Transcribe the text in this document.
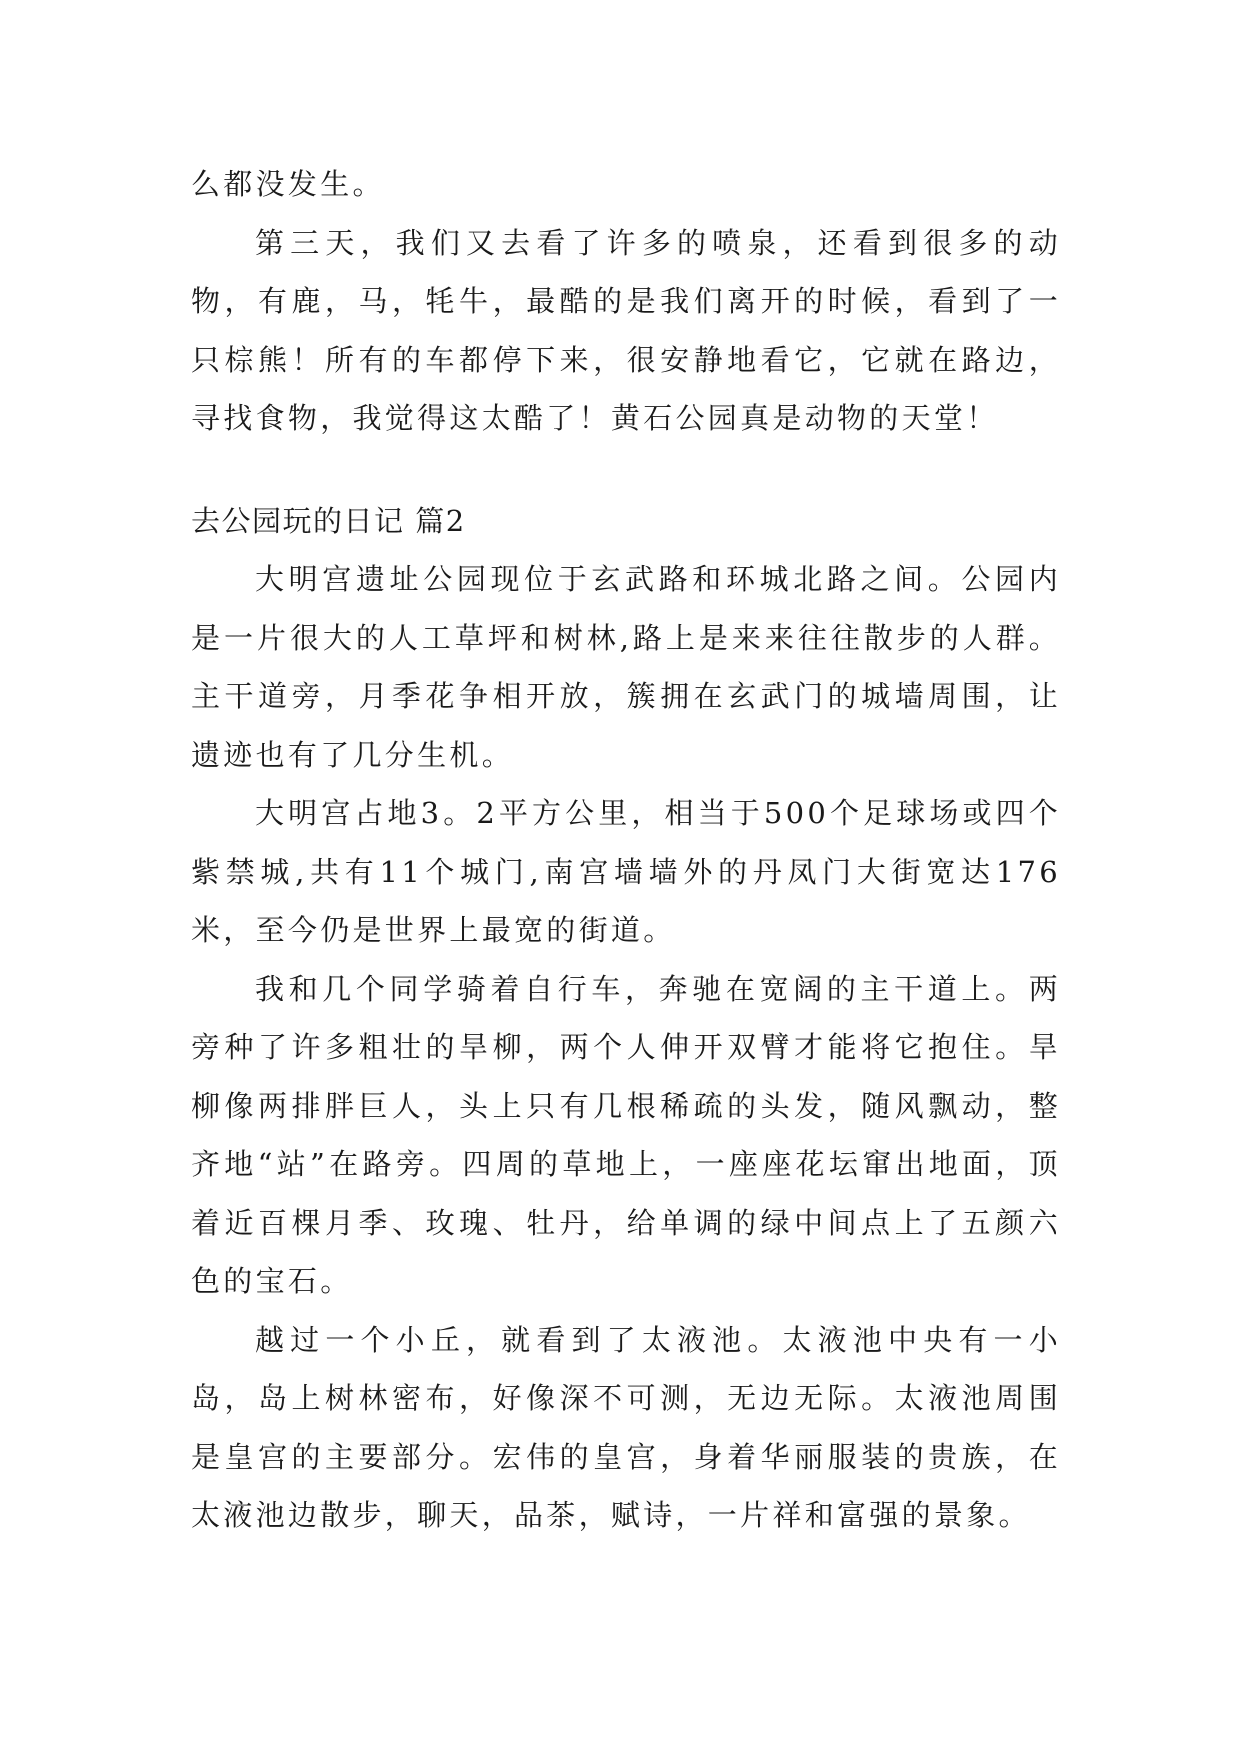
么都没发生。

第三天，我们又去看了许多的喷泉，还看到很多的动物，有鹿，马，牦牛，最酷的是我们离开的时候，看到了一只棕熊！所有的车都停下来，很安静地看它，它就在路边，寻找食物，我觉得这太酷了！黄石公园真是动物的天堂！

去公园玩的日记 篇2

大明宫遗址公园现位于玄武路和环城北路之间。公园内是一片很大的人工草坪和树林,路上是来来往往散步的人群。主干道旁，月季花争相开放，簇拥在玄武门的城墙周围，让遗迹也有了几分生机。

大明宫占地3。2平方公里，相当于500个足球场或四个紫禁城,共有11个城门,南宫墙墙外的丹凤门大街宽达176米，至今仍是世界上最宽的街道。

我和几个同学骑着自行车，奔驰在宽阔的主干道上。两旁种了许多粗壮的旱柳，两个人伸开双臂才能将它抱住。旱柳像两排胖巨人，头上只有几根稀疏的头发，随风飘动，整齐地“站”在路旁。四周的草地上，一座座花坛窜出地面，顶着近百棵月季、玫瑰、牡丹，给单调的绿中间点上了五颜六色的宝石。

越过一个小丘，就看到了太液池。太液池中央有一小岛，岛上树林密布，好像深不可测，无边无际。太液池周围是皇宫的主要部分。宏伟的皇宫，身着华丽服装的贵族，在太液池边散步，聊天，品茶，赋诗，一片祥和富强的景象。
